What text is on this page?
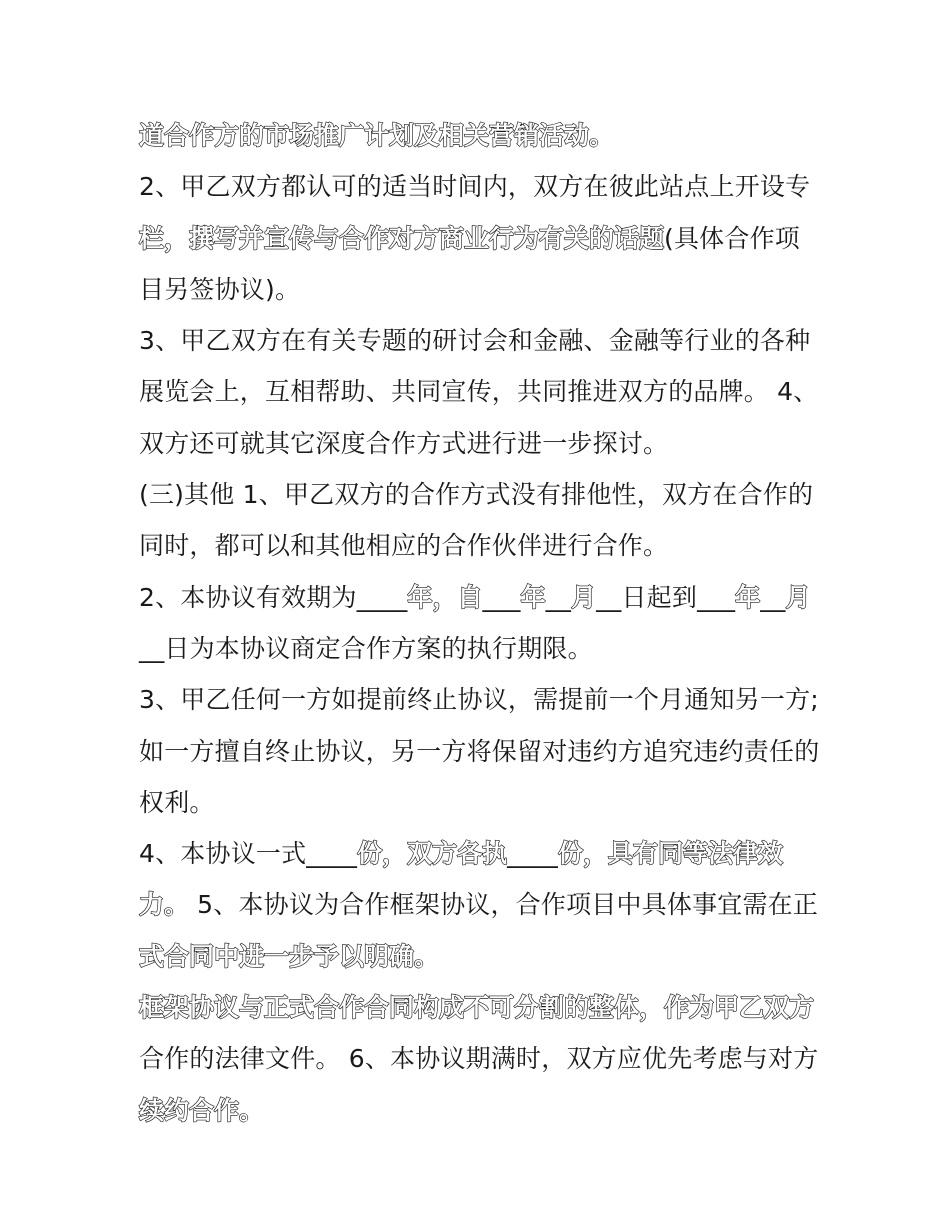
道合作方的市场推广计划及相关营销活动。
2、甲乙双方都认可的适当时间内，双方在彼此站点上开设专
栏，撰写并宣传与合作对方商业行为有关的话题(具体合作项
目另签协议)。
3、甲乙双方在有关专题的研讨会和金融、金融等行业的各种
展览会上，互相帮助、共同宣传，共同推进双方的品牌。 4、
双方还可就其它深度合作方式进行进一步探讨。
(三)其他 1、甲乙双方的合作方式没有排他性，双方在合作的
同时，都可以和其他相应的合作伙伴进行合作。
2、本协议有效期为____年，自___年__月__日起到___年__月
__日为本协议商定合作方案的执行期限。
3、甲乙任何一方如提前终止协议，需提前一个月通知另一方;
如一方擅自终止协议，另一方将保留对违约方追究违约责任的
权利。
4、本协议一式____份，双方各执____份，具有同等法律效
力。 5、本协议为合作框架协议，合作项目中具体事宜需在正
式合同中进一步予以明确。
框架协议与正式合作合同构成不可分割的整体，作为甲乙双方
合作的法律文件。 6、本协议期满时，双方应优先考虑与对方
续约合作。
